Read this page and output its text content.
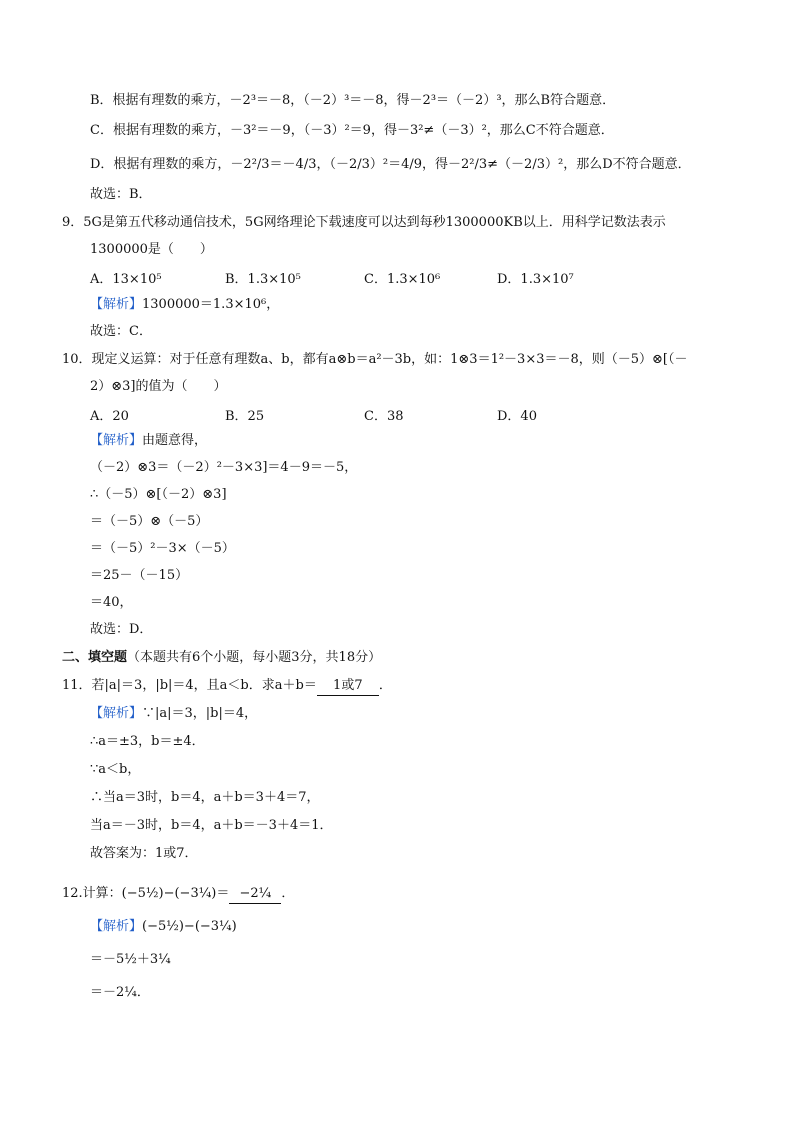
B．根据有理数的乘方，－2³＝－8，（－2）³＝－8，得－2³＝（－2）³，那么B符合题意．
C．根据有理数的乘方，－3²＝－9，（－3）²＝9，得－3²≠（－3）²，那么C不符合题意．
D．根据有理数的乘方，－2²/3＝－4/3，（－2/3）²＝4/9，得－2²/3≠（－2/3）²，那么D不符合题意．
故选：B．
9．5G是第五代移动通信技术，5G网络理论下载速度可以达到每秒1300000KB以上．用科学记数法表示
1300000是（　　）
A．13×10⁵	B．1.3×10⁵	C．1.3×10⁶	D．1.3×10⁷
【解析】1300000＝1.3×10⁶，
故选：C．
10．现定义运算：对于任意有理数a、b，都有a⊗b＝a²－3b，如：1⊗3＝1²－3×3＝－8，则（－5）⊗[（－
2）⊗3]的值为（　　）
A．20	B．25	C．38	D．40
【解析】由题意得，
（－2）⊗3＝（－2）²－3×3]＝4－9＝－5，
∴（－5）⊗[（－2）⊗3]
＝（－5）⊗（－5）
＝（－5）²－3×（－5）
＝25－（－15）
＝40，
故选：D．
二、填空题（本题共有6个小题，每小题3分，共18分）
11．若|a|＝3，|b|＝4，且a＜b．求a＋b＝ 1或7 ．
【解析】∵|a|＝3，|b|＝4，
∴a＝±3，b＝±4．
∵a＜b，
∴当a＝3时，b＝4，a＋b＝3＋4＝7，
当a＝－3时，b＝4，a＋b＝－3＋4＝1．
故答案为：1或7．
12.计算：(−5½)−(−3¼)＝ −2¼ ．
【解析】(−5½)−(−3¼)
＝－5½＋3¼
＝－2¼．
